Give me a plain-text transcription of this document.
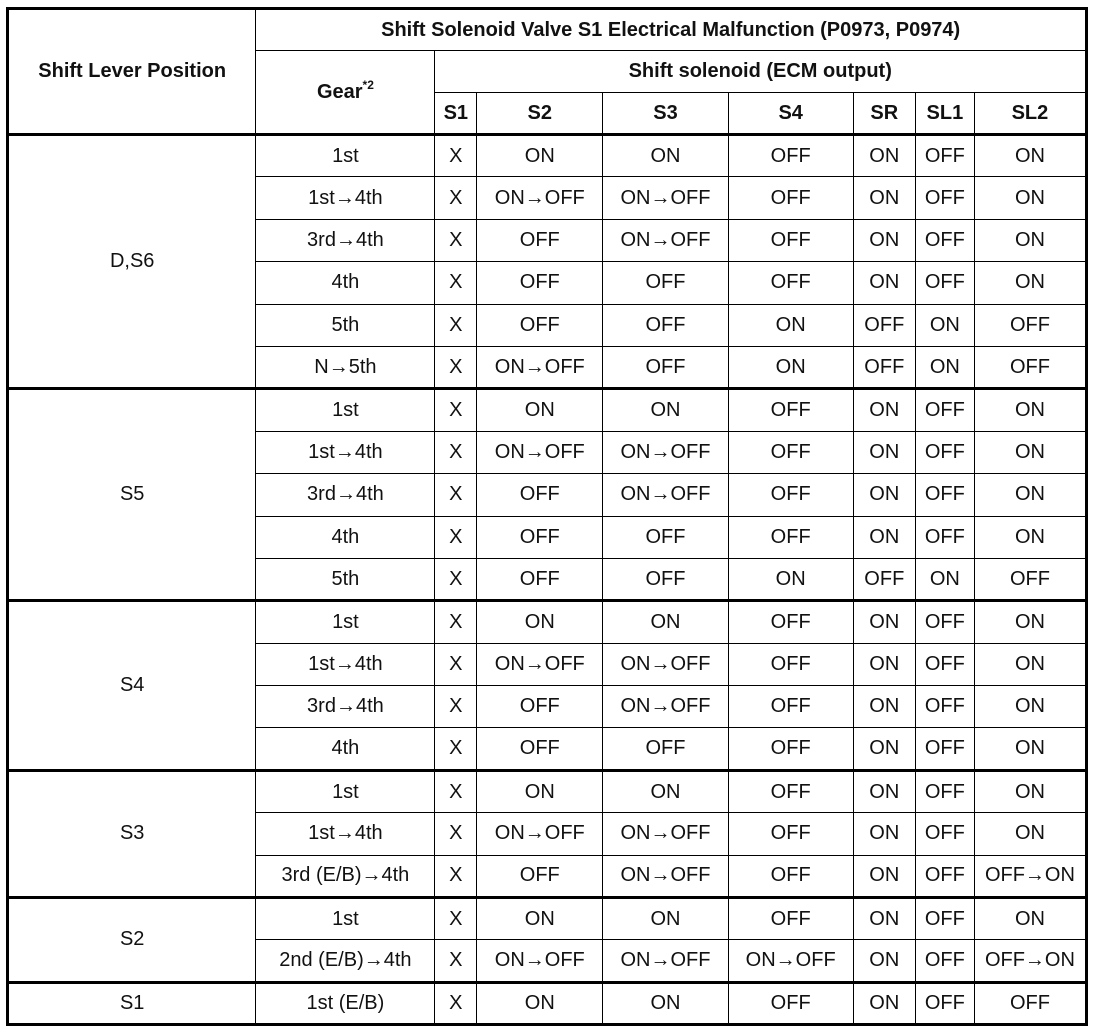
Shift Lever Position	Shift Solenoid Valve S1 Electrical Malfunction (P0973, P0974)							
	Gear$^{*2}$	Shift solenoid (ECM output)						
		S1	S2	S3	S4	SR	SL1	SL2
D,S6	1st	X	ON	ON	OFF	ON	OFF	ON
	1st→4th	X	ON→OFF	ON→OFF	OFF	ON	OFF	ON
	3rd→4th	X	OFF	ON→OFF	OFF	ON	OFF	ON
	4th	X	OFF	OFF	OFF	ON	OFF	ON
	5th	X	OFF	OFF	ON	OFF	ON	OFF
	N→5th	X	ON→OFF	OFF	ON	OFF	ON	OFF
S5	1st	X	ON	ON	OFF	ON	OFF	ON
	1st→4th	X	ON→OFF	ON→OFF	OFF	ON	OFF	ON
	3rd→4th	X	OFF	ON→OFF	OFF	ON	OFF	ON
	4th	X	OFF	OFF	OFF	ON	OFF	ON
	5th	X	OFF	OFF	ON	OFF	ON	OFF
S4	1st	X	ON	ON	OFF	ON	OFF	ON
	1st→4th	X	ON→OFF	ON→OFF	OFF	ON	OFF	ON
	3rd→4th	X	OFF	ON→OFF	OFF	ON	OFF	ON
	4th	X	OFF	OFF	OFF	ON	OFF	ON
S3	1st	X	ON	ON	OFF	ON	OFF	ON
	1st→4th	X	ON→OFF	ON→OFF	OFF	ON	OFF	ON
	3rd (E/B)→4th	X	OFF	ON→OFF	OFF	ON	OFF	OFF→ON
S2	1st	X	ON	ON	OFF	ON	OFF	ON
	2nd (E/B)→4th	X	ON→OFF	ON→OFF	ON→OFF	ON	OFF	OFF→ON
S1	1st (E/B)	X	ON	ON	OFF	ON	OFF	OFF
